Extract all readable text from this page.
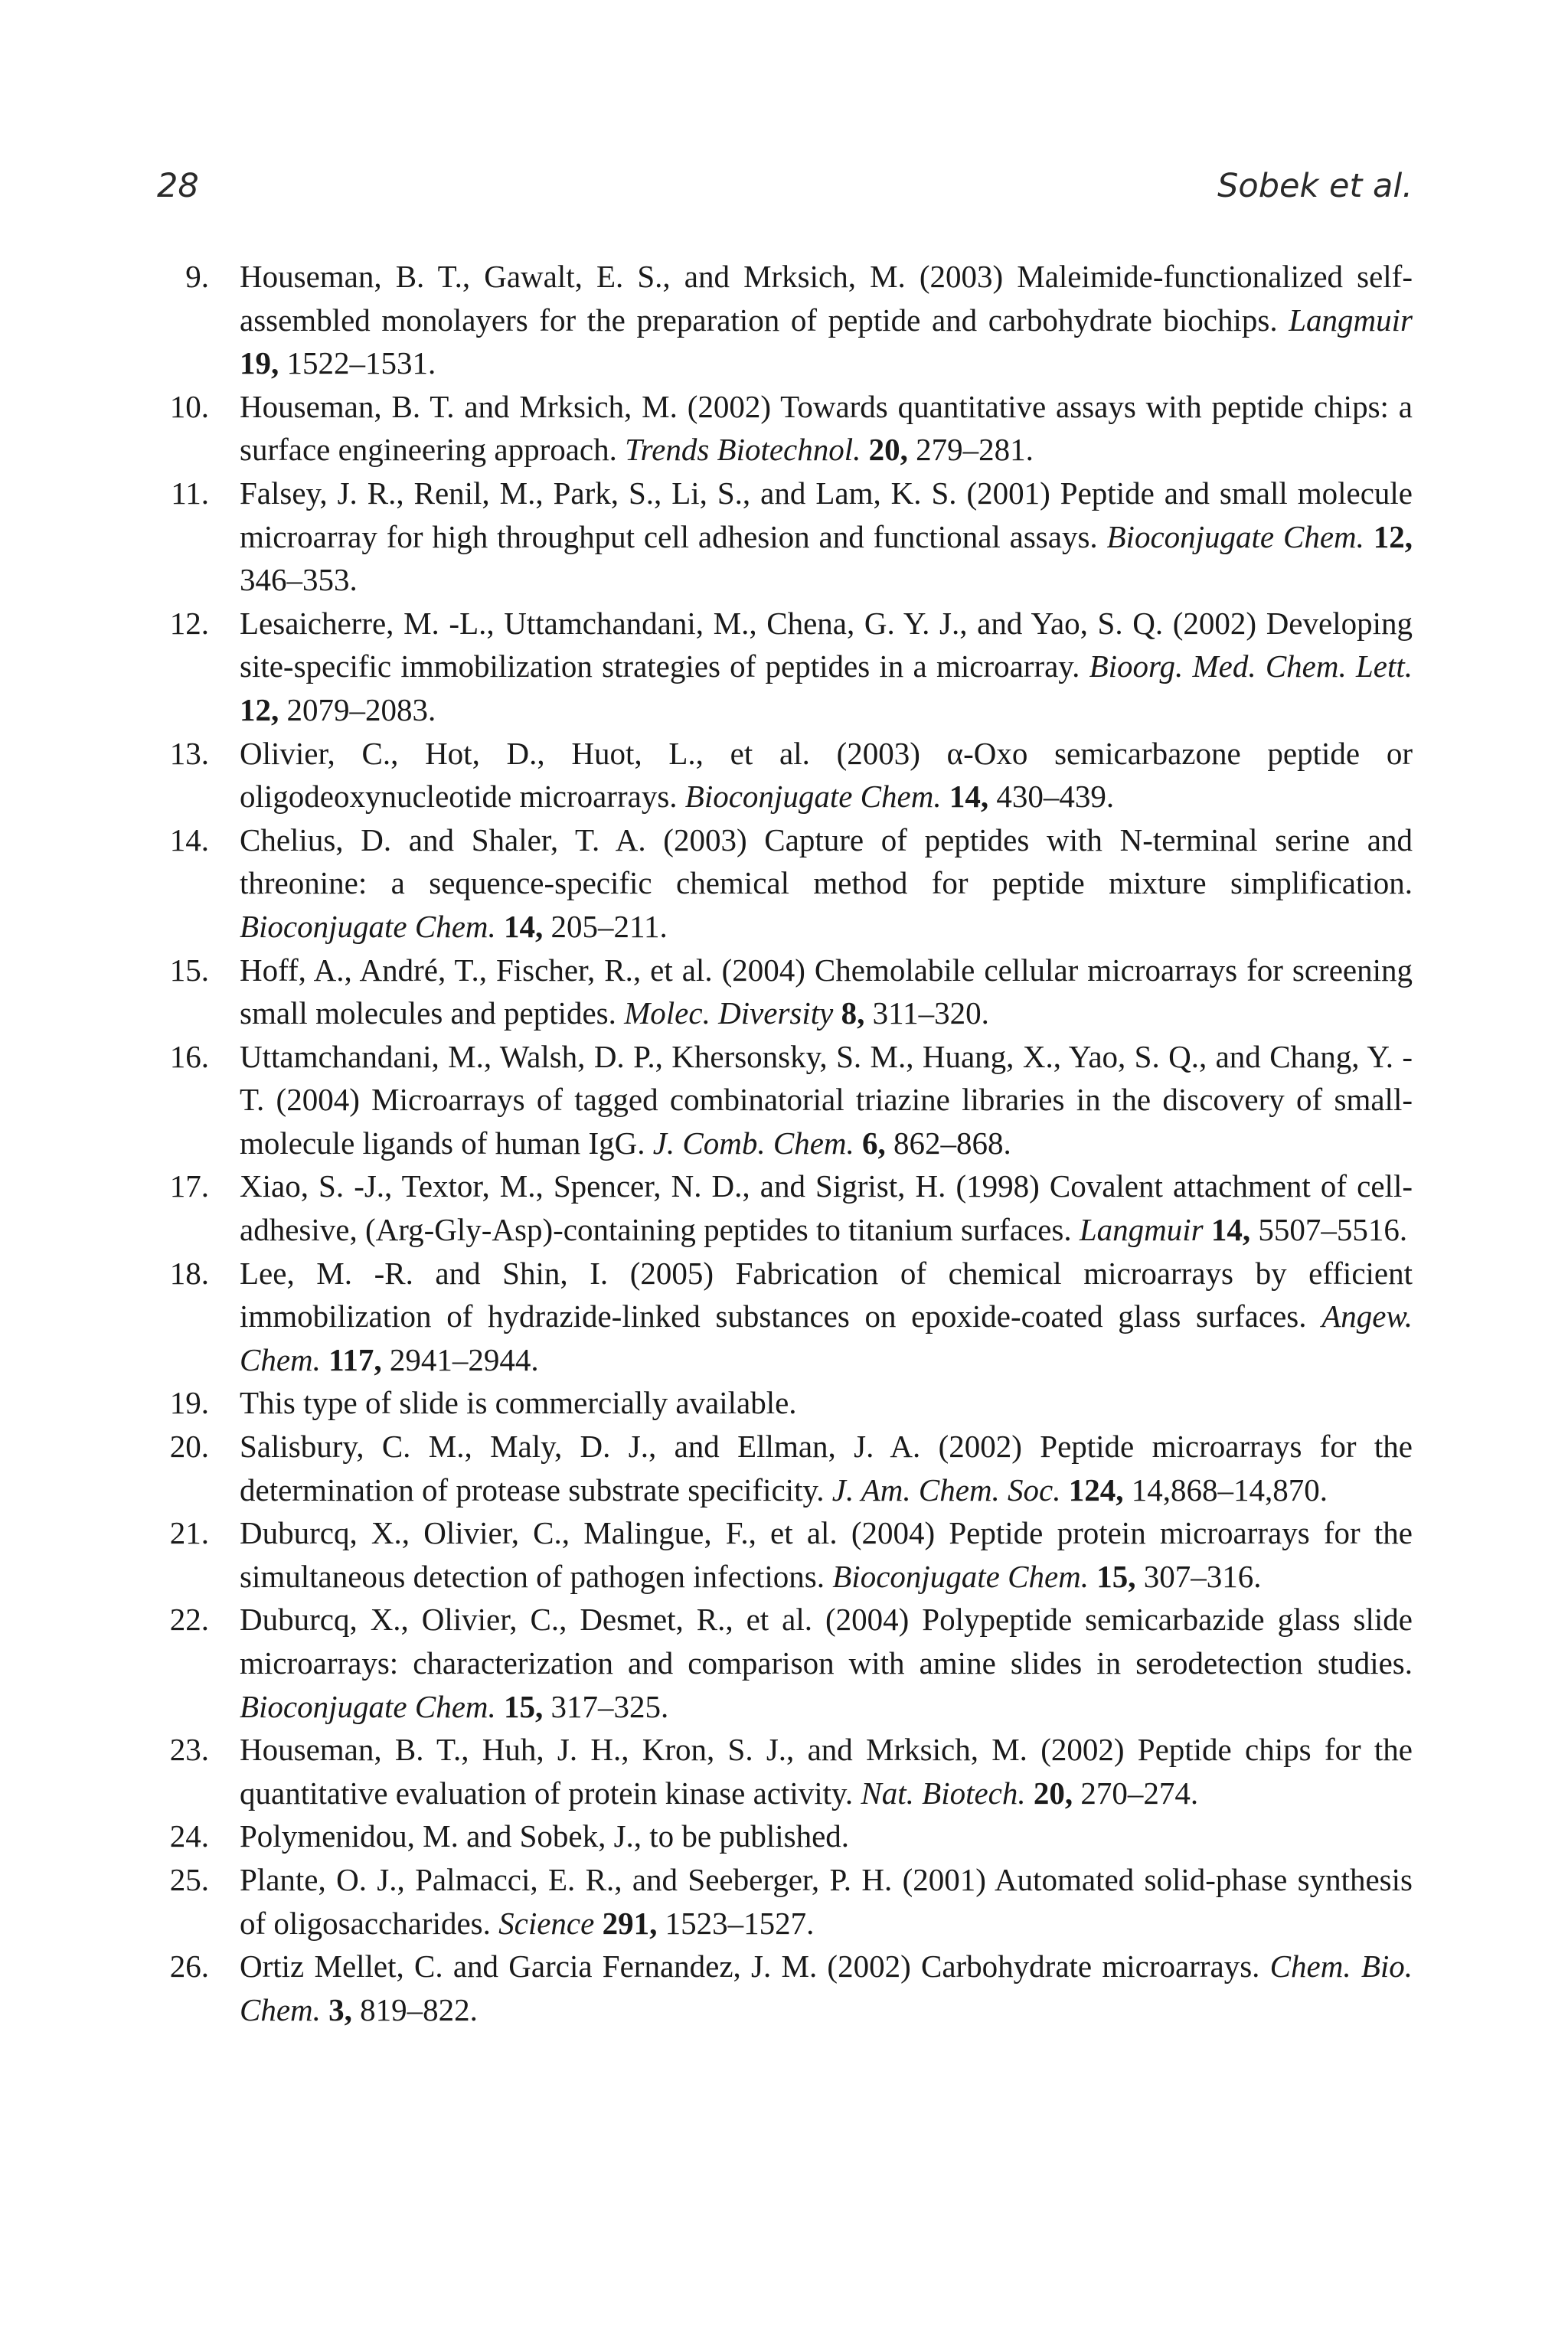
28	Sobek et al.
9. Houseman, B. T., Gawalt, E. S., and Mrksich, M. (2003) Maleimide-functionalized self-assembled monolayers for the preparation of peptide and carbohydrate biochips. Langmuir 19, 1522–1531.
10. Houseman, B. T. and Mrksich, M. (2002) Towards quantitative assays with peptide chips: a surface engineering approach. Trends Biotechnol. 20, 279–281.
11. Falsey, J. R., Renil, M., Park, S., Li, S., and Lam, K. S. (2001) Peptide and small molecule microarray for high throughput cell adhesion and functional assays. Bioconjugate Chem. 12, 346–353.
12. Lesaicherre, M. -L., Uttamchandani, M., Chena, G. Y. J., and Yao, S. Q. (2002) Developing site-specific immobilization strategies of peptides in a microarray. Bioorg. Med. Chem. Lett. 12, 2079–2083.
13. Olivier, C., Hot, D., Huot, L., et al. (2003) α-Oxo semicarbazone peptide or oligodeoxynucleotide microarrays. Bioconjugate Chem. 14, 430–439.
14. Chelius, D. and Shaler, T. A. (2003) Capture of peptides with N-terminal serine and threonine: a sequence-specific chemical method for peptide mixture simplification. Bioconjugate Chem. 14, 205–211.
15. Hoff, A., André, T., Fischer, R., et al. (2004) Chemolabile cellular microarrays for screening small molecules and peptides. Molec. Diversity 8, 311–320.
16. Uttamchandani, M., Walsh, D. P., Khersonsky, S. M., Huang, X., Yao, S. Q., and Chang, Y. -T. (2004) Microarrays of tagged combinatorial triazine libraries in the discovery of small-molecule ligands of human IgG. J. Comb. Chem. 6, 862–868.
17. Xiao, S. -J., Textor, M., Spencer, N. D., and Sigrist, H. (1998) Covalent attachment of cell-adhesive, (Arg-Gly-Asp)-containing peptides to titanium surfaces. Langmuir 14, 5507–5516.
18. Lee, M. -R. and Shin, I. (2005) Fabrication of chemical microarrays by efficient immobilization of hydrazide-linked substances on epoxide-coated glass surfaces. Angew. Chem. 117, 2941–2944.
19. This type of slide is commercially available.
20. Salisbury, C. M., Maly, D. J., and Ellman, J. A. (2002) Peptide microarrays for the determination of protease substrate specificity. J. Am. Chem. Soc. 124, 14,868–14,870.
21. Duburcq, X., Olivier, C., Malingue, F., et al. (2004) Peptide protein microarrays for the simultaneous detection of pathogen infections. Bioconjugate Chem. 15, 307–316.
22. Duburcq, X., Olivier, C., Desmet, R., et al. (2004) Polypeptide semicarbazide glass slide microarrays: characterization and comparison with amine slides in serodetection studies. Bioconjugate Chem. 15, 317–325.
23. Houseman, B. T., Huh, J. H., Kron, S. J., and Mrksich, M. (2002) Peptide chips for the quantitative evaluation of protein kinase activity. Nat. Biotech. 20, 270–274.
24. Polymenidou, M. and Sobek, J., to be published.
25. Plante, O. J., Palmacci, E. R., and Seeberger, P. H. (2001) Automated solid-phase synthesis of oligosaccharides. Science 291, 1523–1527.
26. Ortiz Mellet, C. and Garcia Fernandez, J. M. (2002) Carbohydrate microarrays. Chem. Bio. Chem. 3, 819–822.
